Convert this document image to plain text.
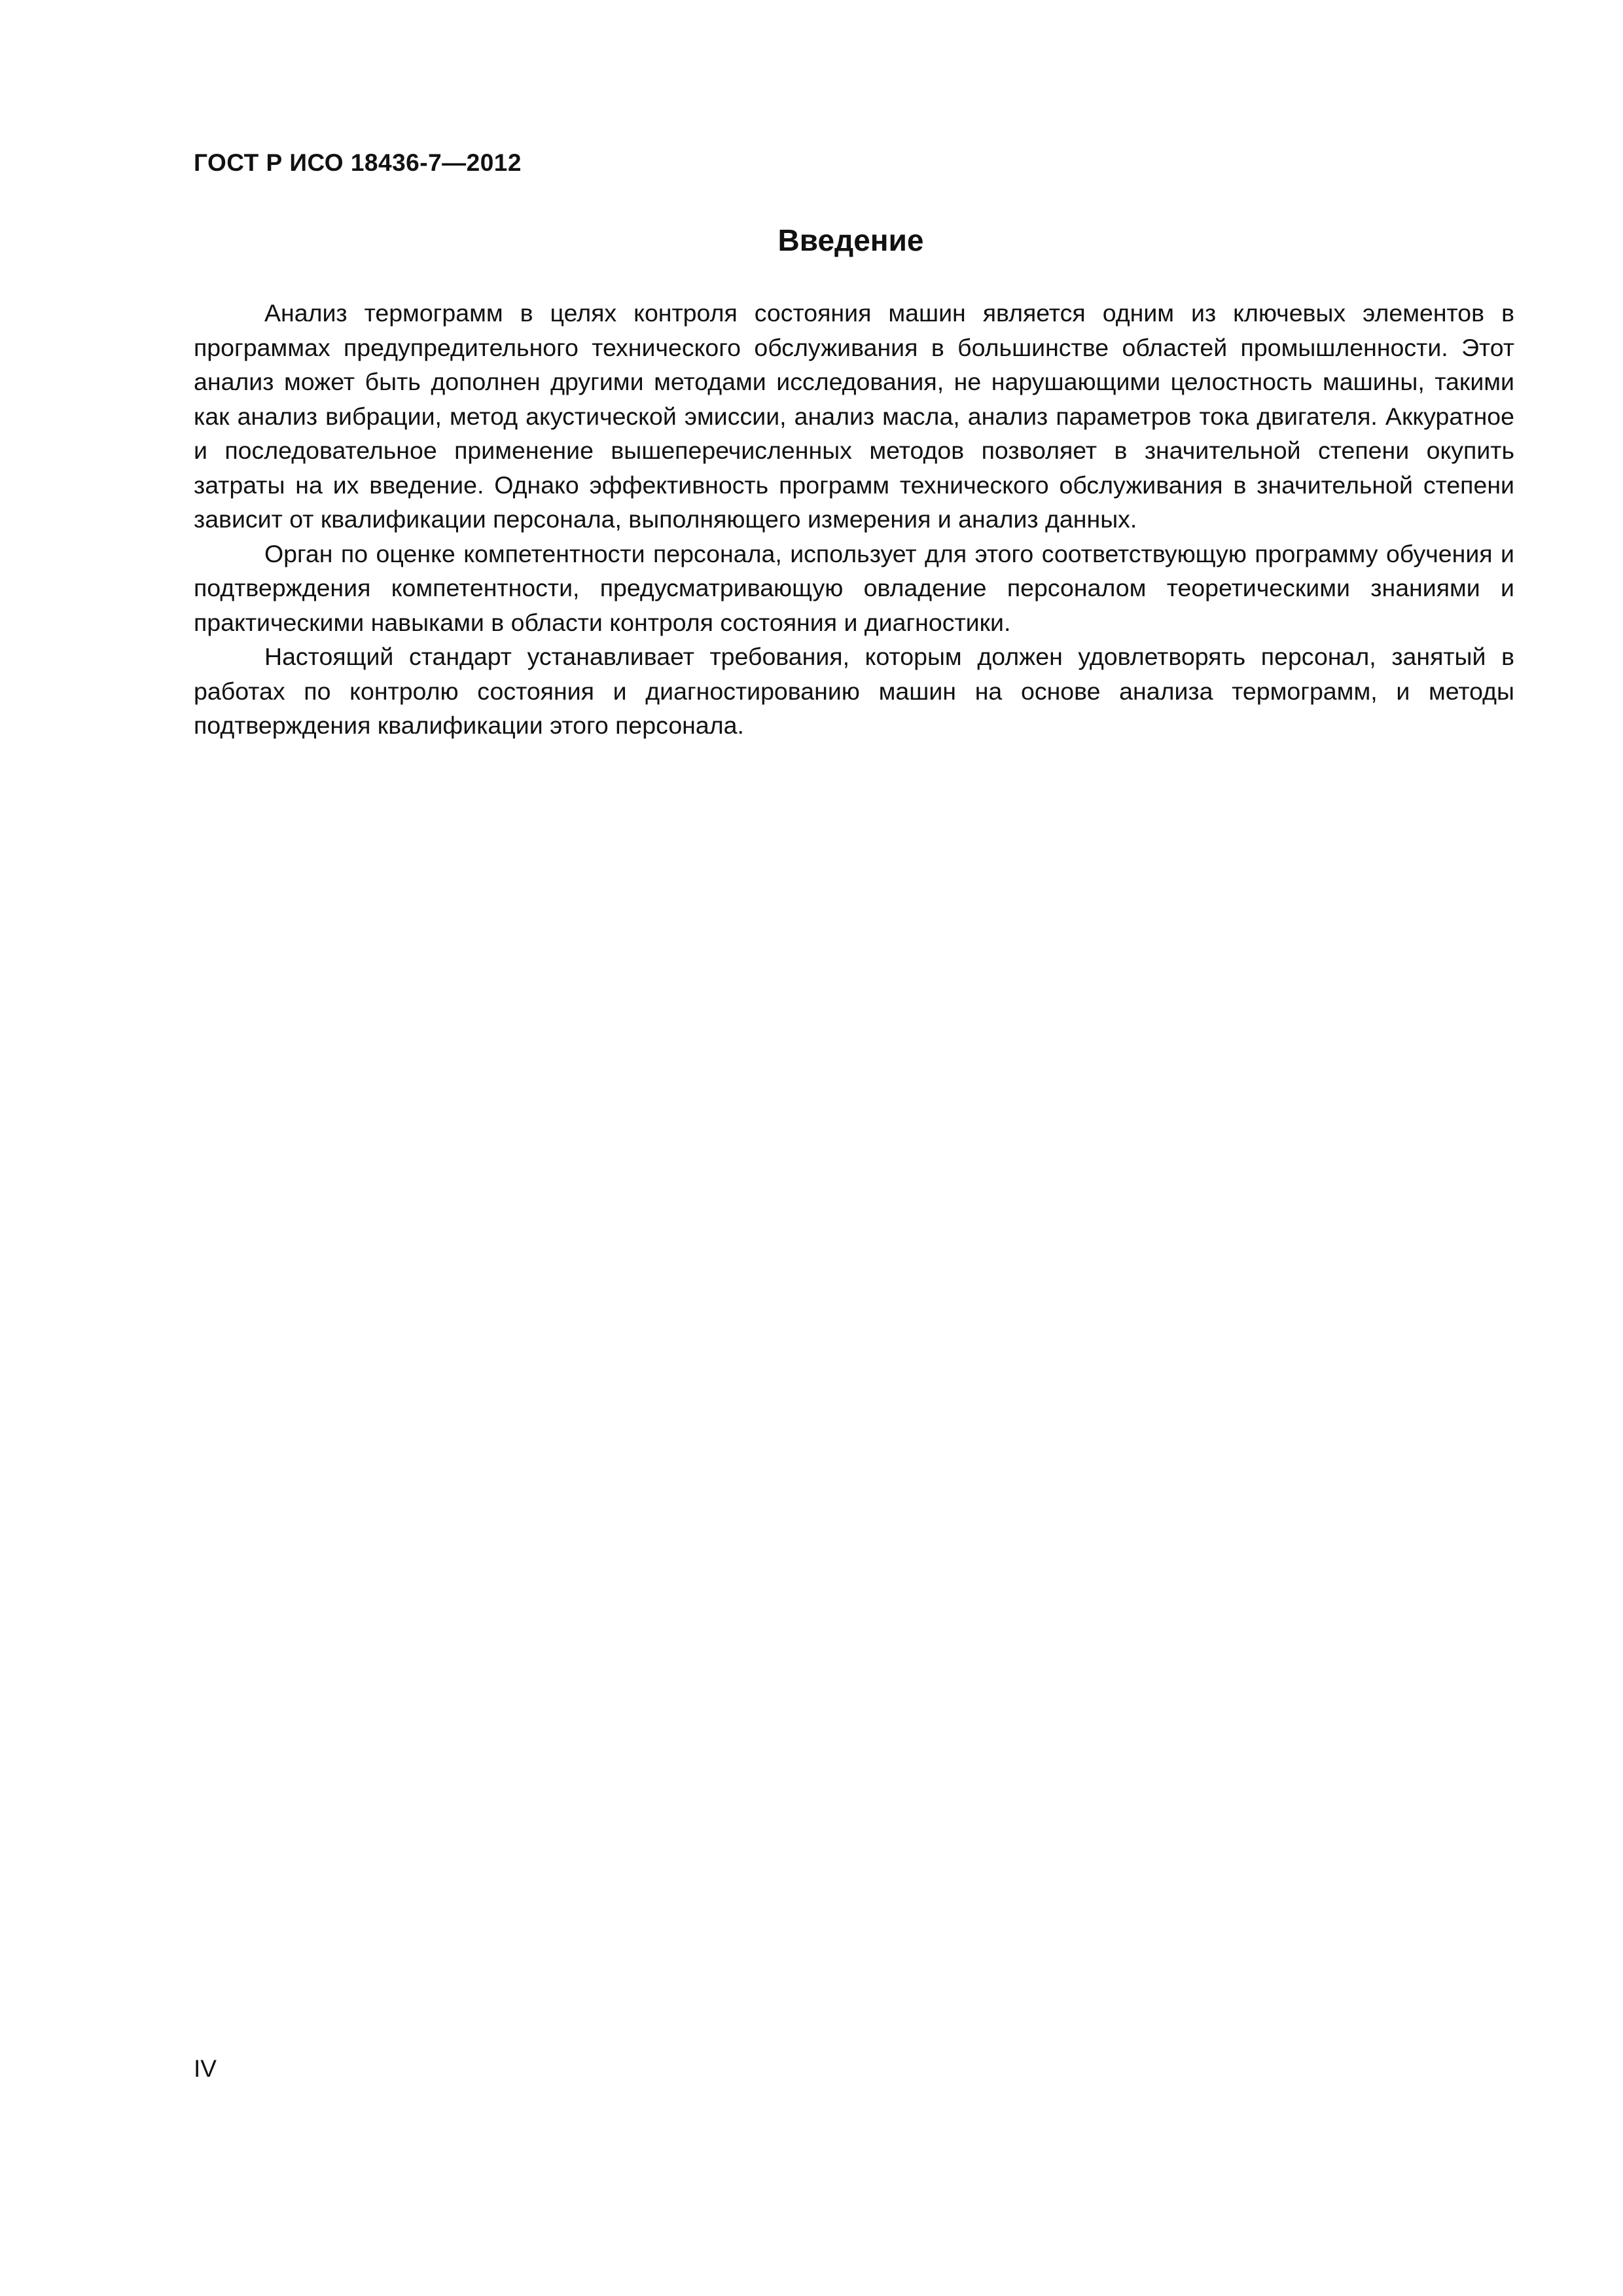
ГОСТ Р ИСО 18436-7—2012

Введение

Анализ термограмм в целях контроля состояния машин является одним из ключевых элементов в программах предупредительного технического обслуживания в большинстве областей промышленности. Этот анализ может быть дополнен другими методами исследования, не нарушающими целостность машины, такими как анализ вибрации, метод акустической эмиссии, анализ масла, анализ параметров тока двигателя. Аккуратное и последовательное применение вышеперечисленных методов позволяет в значительной степени окупить затраты на их введение. Однако эффективность программ технического обслуживания в значительной степени зависит от квалификации персонала, выполняющего измерения и анализ данных.

Орган по оценке компетентности персонала, использует для этого соответствующую программу обучения и подтверждения компетентности, предусматривающую овладение персоналом теоретическими знаниями и практическими навыками в области контроля состояния и диагностики.

Настоящий стандарт устанавливает требования, которым должен удовлетворять персонал, занятый в работах по контролю состояния и диагностированию машин на основе анализа термограмм, и методы подтверждения квалификации этого персонала.

IV
